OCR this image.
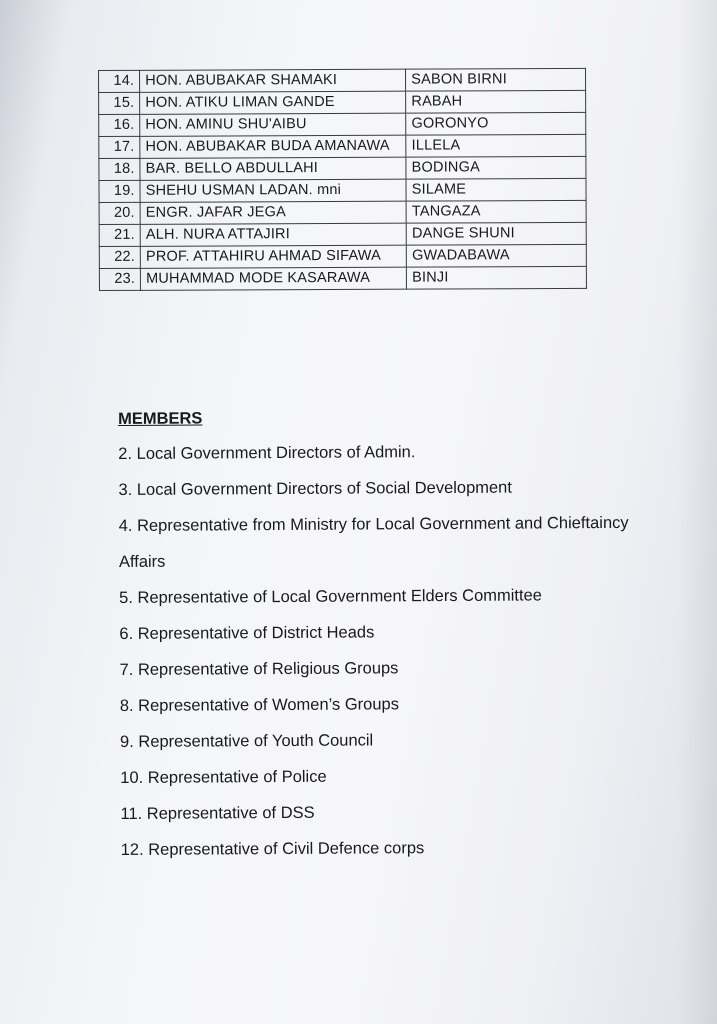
14.	HON. ABUBAKAR SHAMAKI	SABON BIRNI
15.	HON. ATIKU LIMAN GANDE	RABAH
16.	HON. AMINU SHU'AIBU	GORONYO
17.	HON. ABUBAKAR BUDA AMANAWA	ILLELA
18.	BAR. BELLO ABDULLAHI	BODINGA
19.	SHEHU USMAN LADAN. mni	SILAME
20.	ENGR. JAFAR JEGA	TANGAZA
21.	ALH. NURA ATTAJIRI	DANGE SHUNI
22.	PROF. ATTAHIRU AHMAD SIFAWA	GWADABAWA
23.	MUHAMMAD MODE KASARAWA	BINJI
MEMBERS
2. Local Government Directors of Admin.
3. Local Government Directors of Social Development
4. Representative from Ministry for Local Government and Chieftaincy Affairs
5. Representative of Local Government Elders Committee
6. Representative of District Heads
7. Representative of Religious Groups
8. Representative of Women’s Groups
9. Representative of Youth Council
10. Representative of Police
11. Representative of DSS
12. Representative of Civil Defence corps
